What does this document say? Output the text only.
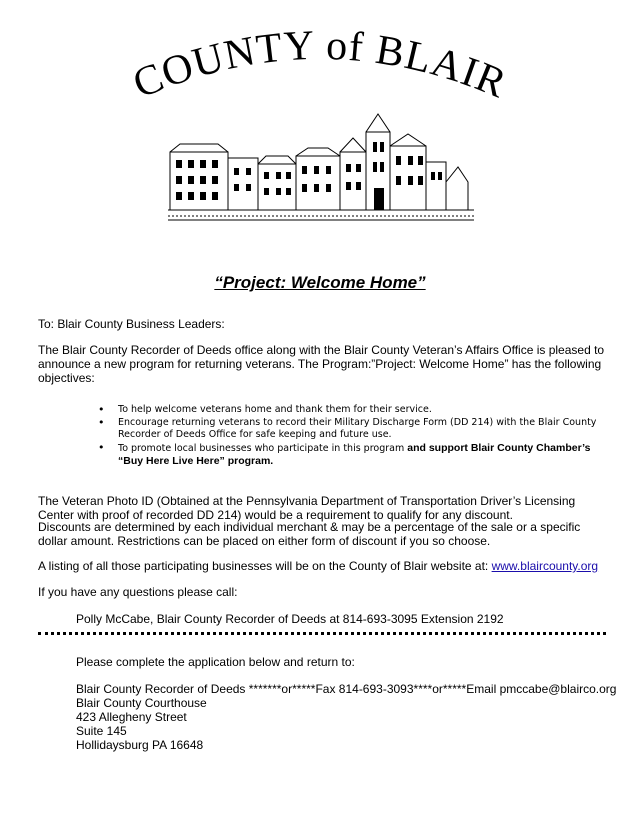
COUNTY of BLAIR
“Project: Welcome Home”
To: Blair County Business Leaders:
The Blair County Recorder of Deeds office along with the Blair County Veteran’s Affairs Office is pleased to announce a new program for returning veterans. The Program:”Project: Welcome Home” has the following objectives:
• To help welcome veterans home and thank them for their service.
• Encourage returning veterans to record their Military Discharge Form (DD 214) with the Blair County Recorder of Deeds Office for safe keeping and future use.
• To promote local businesses who participate in this program and support Blair County Chamber’s “Buy Here Live Here” program.
The Veteran Photo ID (Obtained at the Pennsylvania Department of Transportation Driver’s Licensing Center with proof of recorded DD 214) would be a requirement to qualify for any discount.
Discounts are determined by each individual merchant & may be a percentage of the sale or a specific dollar amount. Restrictions can be placed on either form of discount if you so choose.
A listing of all those participating businesses will be on the County of Blair website at: www.blaircounty.org
If you have any questions please call:
Polly McCabe, Blair County Recorder of Deeds at 814-693-3095 Extension 2192
Please complete the application below and return to:
Blair County Recorder of Deeds *******or*****Fax 814-693-3093****or*****Email pmccabe@blairco.org
Blair County Courthouse
423 Allegheny Street
Suite 145
Hollidaysburg PA 16648
